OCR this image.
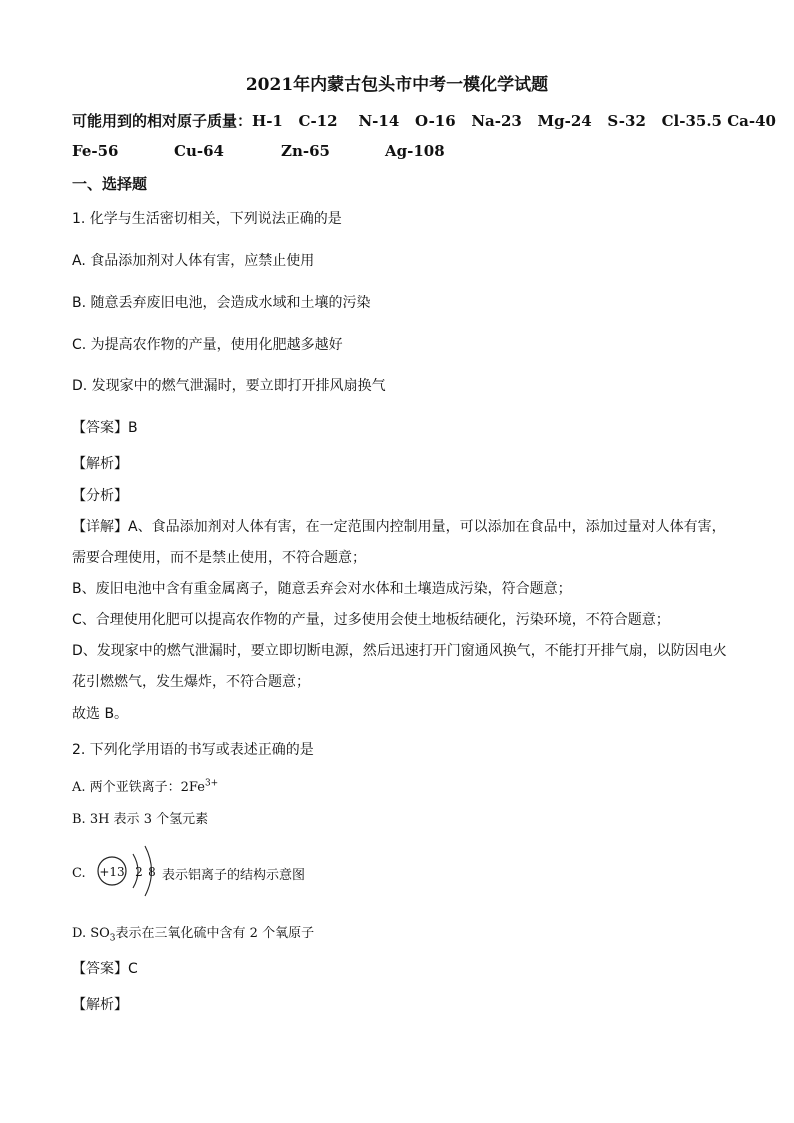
2021年内蒙古包头市中考一模化学试题
可能用到的相对原子质量：H-1 C-12 N-14 O-16 Na-23 Mg-24 S-32 Cl-35.5 Ca-40
Fe-56	Cu-64	Zn-65	Ag-108
一、选择题
1. 化学与生活密切相关，下列说法正确的是
A. 食品添加剂对人体有害，应禁止使用
B. 随意丢弃废旧电池，会造成水域和土壤的污染
C. 为提高农作物的产量，使用化肥越多越好
D. 发现家中的燃气泄漏时，要立即打开排风扇换气
【答案】B
【解析】
【分析】
【详解】A、食品添加剂对人体有害，在一定范围内控制用量，可以添加在食品中，添加过量对人体有害，
需要合理使用，而不是禁止使用，不符合题意；
B、废旧电池中含有重金属离子，随意丢弃会对水体和土壤造成污染，符合题意；
C、合理使用化肥可以提高农作物的产量，过多使用会使土地板结硬化，污染环境，不符合题意；
D、发现家中的燃气泄漏时，要立即切断电源，然后迅速打开门窗通风换气，不能打开排气扇，以防因电火
花引燃燃气，发生爆炸，不符合题意；
故选 B。
2. 下列化学用语的书写或表述正确的是
A. 两个亚铁离子：$2Fe^{3+}$
B. 3H 表示 3 个氢元素
C. +13 2 8 表示铝离子的结构示意图
D. $SO_3$表示在三氧化硫中含有 2 个氧原子
【答案】C
【解析】
